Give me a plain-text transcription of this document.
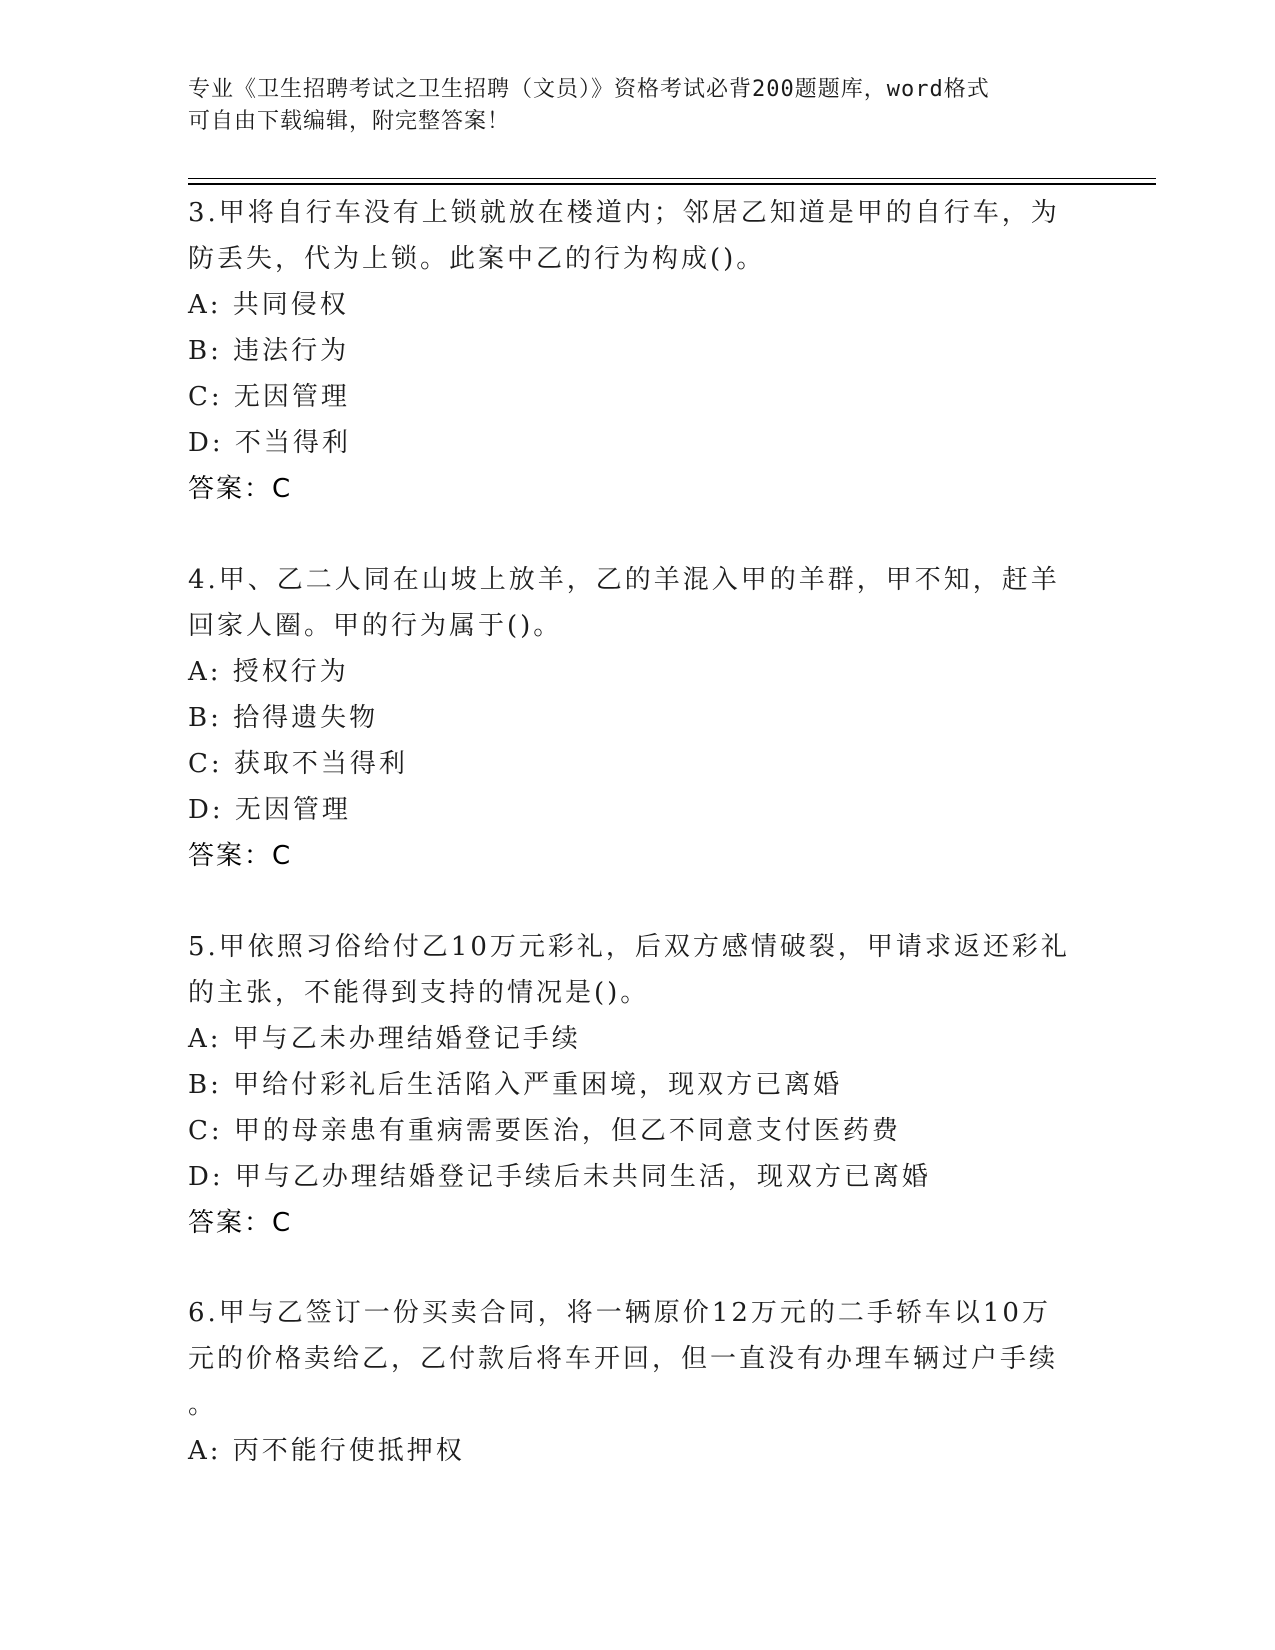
专业《卫生招聘考试之卫生招聘（文员）》资格考试必背200题题库，word格式
可自由下载编辑，附完整答案！
3.甲将自行车没有上锁就放在楼道内；邻居乙知道是甲的自行车，为
防丢失，代为上锁。此案中乙的行为构成()。
A: 共同侵权
B: 违法行为
C: 无因管理
D: 不当得利
答案：C
4.甲、乙二人同在山坡上放羊，乙的羊混入甲的羊群，甲不知，赶羊
回家人圈。甲的行为属于()。
A: 授权行为
B: 拾得遗失物
C: 获取不当得利
D: 无因管理
答案：C
5.甲依照习俗给付乙10万元彩礼，后双方感情破裂，甲请求返还彩礼
的主张，不能得到支持的情况是()。
A: 甲与乙未办理结婚登记手续
B: 甲给付彩礼后生活陷入严重困境，现双方已离婚
C: 甲的母亲患有重病需要医治，但乙不同意支付医药费
D: 甲与乙办理结婚登记手续后未共同生活，现双方已离婚
答案：C
6.甲与乙签订一份买卖合同，将一辆原价12万元的二手轿车以10万
元的价格卖给乙，乙付款后将车开回，但一直没有办理车辆过户手续
。
A: 丙不能行使抵押权
